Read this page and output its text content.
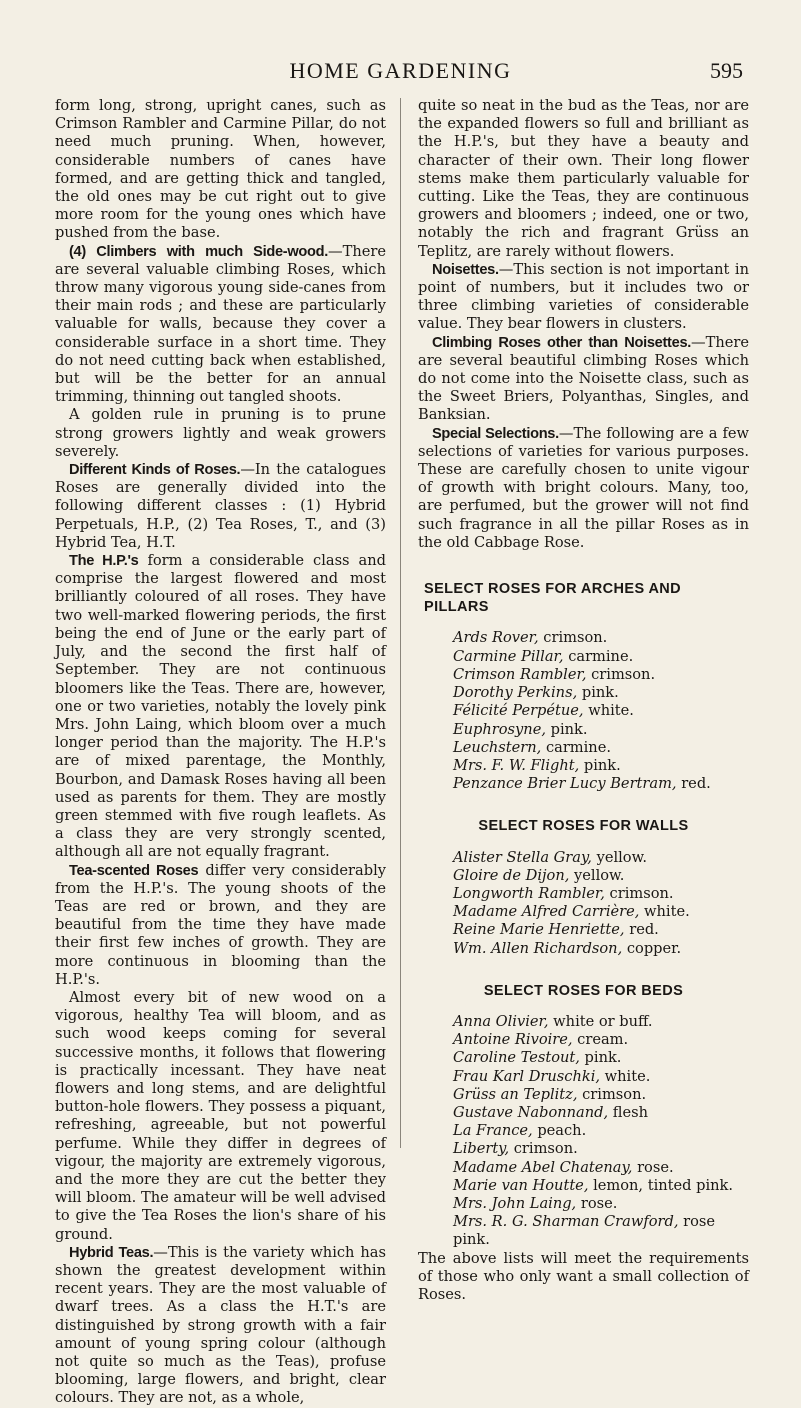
HOME GARDENING	595

form long, strong, upright canes, such as Crimson Rambler and Carmine Pillar, do not need much pruning. When, however, considerable numbers of canes have formed, and are getting thick and tangled, the old ones may be cut right out to give more room for the young ones which have pushed from the base.

(4) Climbers with much Side-wood.—There are several valuable climbing Roses, which throw many vigorous young side-canes from their main rods ; and these are particularly valuable for walls, because they cover a considerable surface in a short time. They do not need cutting back when established, but will be the better for an annual trimming, thinning out tangled shoots.

A golden rule in pruning is to prune strong growers lightly and weak growers severely.

Different Kinds of Roses.—In the catalogues Roses are generally divided into the following different classes : (1) Hybrid Perpetuals, H.P., (2) Tea Roses, T., and (3) Hybrid Tea, H.T.

The H.P.'s form a considerable class and comprise the largest flowered and most brilliantly coloured of all roses. They have two well-marked flowering periods, the first being the end of June or the early part of July, and the second the first half of September. They are not continuous bloomers like the Teas. There are, however, one or two varieties, notably the lovely pink Mrs. John Laing, which bloom over a much longer period than the majority. The H.P.'s are of mixed parentage, the Monthly, Bourbon, and Damask Roses having all been used as parents for them. They are mostly green stemmed with five rough leaflets. As a class they are very strongly scented, although all are not equally fragrant.

Tea-scented Roses differ very considerably from the H.P.'s. The young shoots of the Teas are red or brown, and they are beautiful from the time they have made their first few inches of growth. They are more continuous in blooming than the H.P.'s.

Almost every bit of new wood on a vigorous, healthy Tea will bloom, and as such wood keeps coming for several successive months, it follows that flowering is practically incessant. They have neat flowers and long stems, and are delightful button-hole flowers. They possess a piquant, refreshing, agreeable, but not powerful perfume. While they differ in degrees of vigour, the majority are extremely vigorous, and the more they are cut the better they will bloom. The amateur will be well advised to give the Tea Roses the lion's share of his ground.

Hybrid Teas.—This is the variety which has shown the greatest development within recent years. They are the most valuable of dwarf trees. As a class the H.T.'s are distinguished by strong growth with a fair amount of young spring colour (although not quite so much as the Teas), profuse blooming, large flowers, and bright, clear colours. They are not, as a whole,

quite so neat in the bud as the Teas, nor are the expanded flowers so full and brilliant as the H.P.'s, but they have a beauty and character of their own. Their long flower stems make them particularly valuable for cutting. Like the Teas, they are continuous growers and bloomers ; indeed, one or two, notably the rich and fragrant Grüss an Teplitz, are rarely without flowers.

Noisettes.—This section is not important in point of numbers, but it includes two or three climbing varieties of considerable value. They bear flowers in clusters.

Climbing Roses other than Noisettes.—There are several beautiful climbing Roses which do not come into the Noisette class, such as the Sweet Briers, Polyanthas, Singles, and Banksian.

Special Selections.—The following are a few selections of varieties for various purposes. These are carefully chosen to unite vigour of growth with bright colours. Many, too, are perfumed, but the grower will not find such fragrance in all the pillar Roses as in the old Cabbage Rose.

SELECT ROSES FOR ARCHES AND PILLARS
Ards Rover, crimson.
Carmine Pillar, carmine.
Crimson Rambler, crimson.
Dorothy Perkins, pink.
Félicité Perpétue, white.
Euphrosyne, pink.
Leuchstern, carmine.
Mrs. F. W. Flight, pink.
Penzance Brier Lucy Bertram, red.
SELECT ROSES FOR WALLS
Alister Stella Gray, yellow.
Gloire de Dijon, yellow.
Longworth Rambler, crimson.
Madame Alfred Carrière, white.
Reine Marie Henriette, red.
Wm. Allen Richardson, copper.
SELECT ROSES FOR BEDS
Anna Olivier, white or buff.
Antoine Rivoire, cream.
Caroline Testout, pink.
Frau Karl Druschki, white.
Grüss an Teplitz, crimson.
Gustave Nabonnand, flesh
La France, peach.
Liberty, crimson.
Madame Abel Chatenay, rose.
Marie van Houtte, lemon, tinted pink.
Mrs. John Laing, rose.
Mrs. R. G. Sharman Crawford, rose pink.

The above lists will meet the requirements of those who only want a small collection of Roses.
